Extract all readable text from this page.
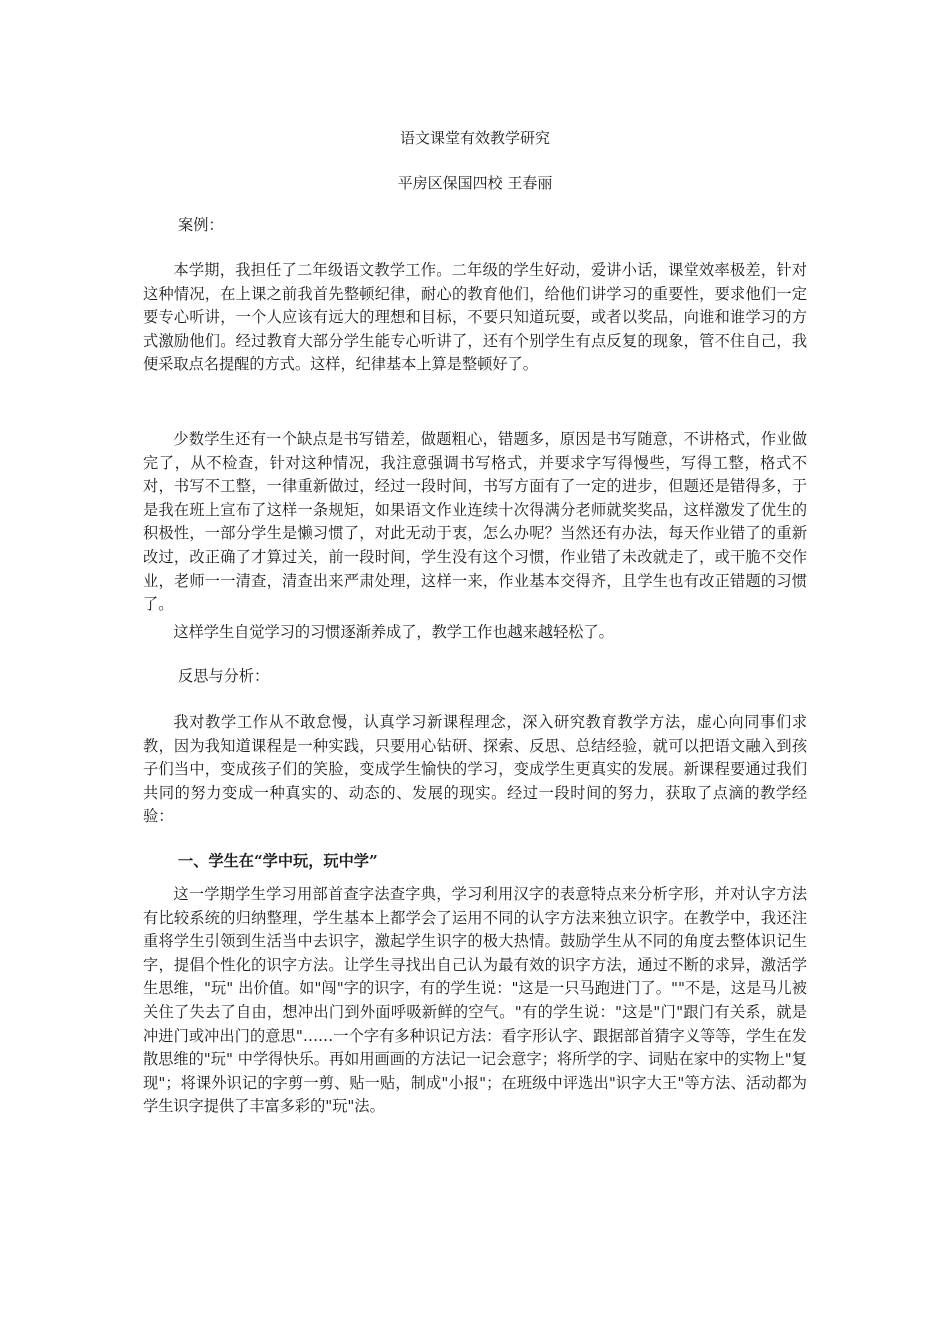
语文课堂有效教学研究
平房区保国四校 王春丽

案例：

本学期，我担任了二年级语文教学工作。二年级的学生好动，爱讲小话，课堂效率极差，针对这种情况，在上课之前我首先整顿纪律，耐心的教育他们，给他们讲学习的重要性，要求他们一定要专心听讲，一个人应该有远大的理想和目标，不要只知道玩耍，或者以奖品，向谁和谁学习的方式激励他们。经过教育大部分学生能专心听讲了，还有个别学生有点反复的现象，管不住自己，我便采取点名提醒的方式。这样，纪律基本上算是整顿好了。

少数学生还有一个缺点是书写错差，做题粗心，错题多，原因是书写随意，不讲格式，作业做完了，从不检查，针对这种情况，我注意强调书写格式，并要求字写得慢些，写得工整，格式不对，书写不工整，一律重新做过，经过一段时间，书写方面有了一定的进步，但题还是错得多，于是我在班上宣布了这样一条规矩，如果语文作业连续十次得满分老师就奖奖品，这样激发了优生的积极性，一部分学生是懒习惯了，对此无动于衷，怎么办呢？当然还有办法，每天作业错了的重新改过，改正确了才算过关，前一段时间，学生没有这个习惯，作业错了未改就走了，或干脆不交作业，老师一一清查，清查出来严肃处理，这样一来，作业基本交得齐，且学生也有改正错题的习惯了。

这样学生自觉学习的习惯逐渐养成了，教学工作也越来越轻松了。

反思与分析：

我对教学工作从不敢怠慢，认真学习新课程理念，深入研究教育教学方法，虚心向同事们求教，因为我知道课程是一种实践，只要用心钻研、探索、反思、总结经验，就可以把语文融入到孩子们当中，变成孩子们的笑脸，变成学生愉快的学习，变成学生更真实的发展。新课程要通过我们共同的努力变成一种真实的、动态的、发展的现实。经过一段时间的努力，获取了点滴的教学经验：

一、学生在“学中玩，玩中学”

这一学期学生学习用部首查字法查字典，学习利用汉字的表意特点来分析字形，并对认字方法有比较系统的归纳整理，学生基本上都学会了运用不同的认字方法来独立识字。在教学中，我还注重将学生引领到生活当中去识字，激起学生识字的极大热情。鼓励学生从不同的角度去整体识记生字，提倡个性化的识字方法。让学生寻找出自己认为最有效的识字方法，通过不断的求异，激活学生思维，"玩" 出价值。如"闯"字的识字，有的学生说："这是一只马跑进门了。""不是，这是马儿被关住了失去了自由，想冲出门到外面呼吸新鲜的空气。"有的学生说："这是"门"跟门有关系，就是冲进门或冲出门的意思"……一个字有多种识记方法：看字形认字、跟据部首猜字义等等，学生在发散思维的"玩" 中学得快乐。再如用画画的方法记一记会意字；将所学的字、词贴在家中的实物上"复现"；将课外识记的字剪一剪、贴一贴，制成"小报"；在班级中评选出"识字大王"等方法、活动都为学生识字提供了丰富多彩的"玩"法。
